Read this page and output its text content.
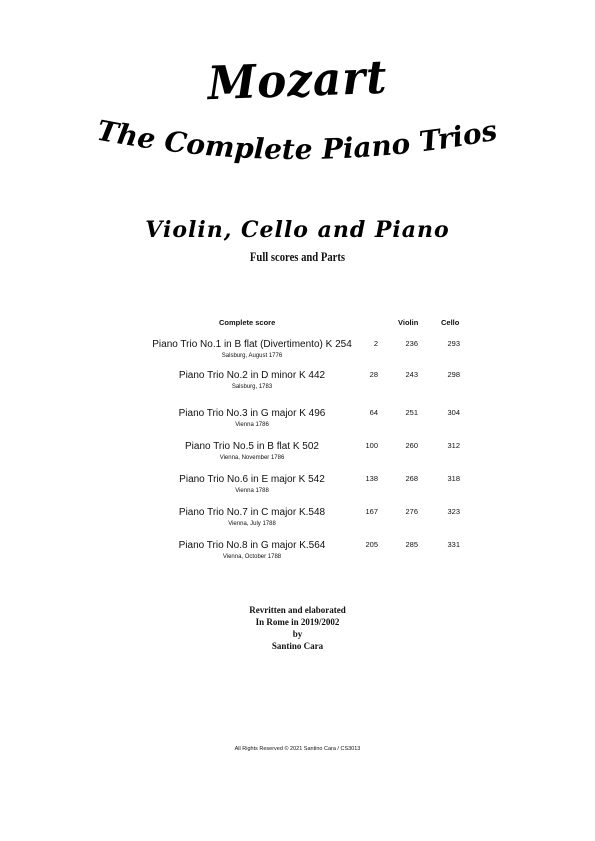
Mozart
The Complete Piano Trios
Violin, Cello and Piano
Full scores and Parts
Complete score	Violin	Cello
Piano Trio No.1 in B flat (Divertimento) K 254
Salsburg, August 1776
2	236	293
Piano Trio No.2 in D minor K 442
Salsburg, 1783
28	243	298
Piano Trio No.3 in G major K 496
Vienna 1786
64	251	304
Piano Trio No.5 in B flat K 502
Vienna, November 1786
100	260	312
Piano Trio No.6 in E major K 542
Vienna 1788
138	268	318
Piano Trio No.7 in C major K.548
Vienna, July 1788
167	276	323
Piano Trio No.8 in G major K.564
Vienna, October 1788
205	285	331
Revritten and elaborated
In Rome in 2019/2002
by
Santino Cara
All Rights Reserved © 2021 Santino Cara / CS3013
